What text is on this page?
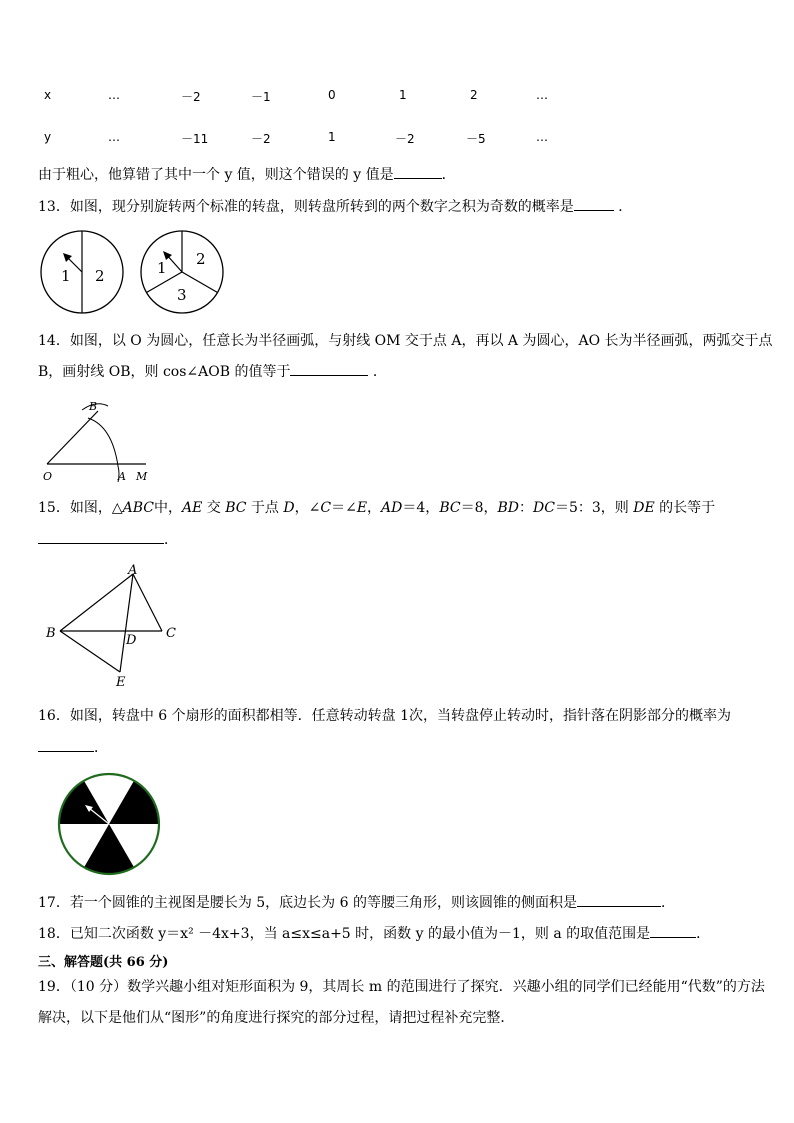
x	…	－2	－1	0	1	2	…
y	…	－11	－2	1	－2	－5	…
由于粗心，他算错了其中一个 y 值，则这个错误的 y 值是	．
13．如图，现分别旋转两个标准的转盘，则转盘所转到的两个数字之积为奇数的概率是	．
1 2	1 2
3
14．如图，以 O 为圆心，任意长为半径画弧，与射线 OM 交于点 A，再以 A 为圆心，AO 长为半径画弧，两弧交于点
B，画射线 OB，则 cos∠AOB 的值等于	．
O	A M
B
15．如图，△ABC中，AE 交 BC 于点 D，∠C＝∠E，AD＝4，BC＝8，BD：DC＝5：3，则 DE 的长等于
．
A
B	C
D
E
16．如图，转盘中 6 个扇形的面积都相等．任意转动转盘 1次，当转盘停止转动时，指针落在阴影部分的概率为
．
17．若一个圆锥的主视图是腰长为 5，底边长为 6 的等腰三角形，则该圆锥的侧面积是	．
18．已知二次函数 y＝x² －4x+3，当 a≤x≤a+5 时，函数 y 的最小值为－1，则 a 的取值范围是	．
三、解答题(共 66 分)
19．（10 分）数学兴趣小组对矩形面积为 9，其周长 m 的范围进行了探究．兴趣小组的同学们已经能用“代数”的方法
解决，以下是他们从“图形”的角度进行探究的部分过程，请把过程补充完整．
